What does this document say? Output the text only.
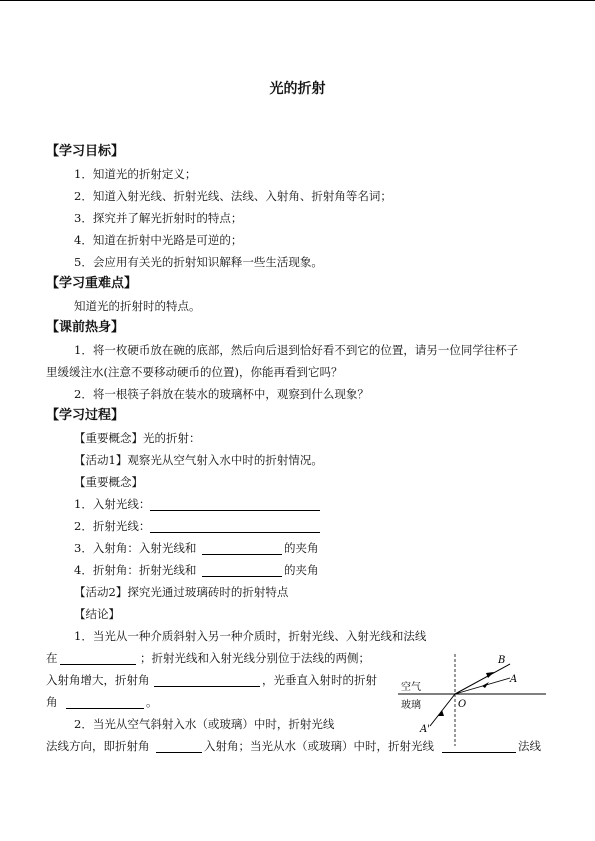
光的折射
【学习目标】
1．知道光的折射定义；
2．知道入射光线、折射光线、法线、入射角、折射角等名词；
3．探究并了解光折射时的特点；
4．知道在折射中光路是可逆的；
5．会应用有关光的折射知识解释一些生活现象。
【学习重难点】
知道光的折射时的特点。
【课前热身】
1．将一枚硬币放在碗的底部，然后向后退到恰好看不到它的位置，请另一位同学往杯子
里缓缓注水(注意不要移动硬币的位置)，你能再看到它吗？
2．将一根筷子斜放在装水的玻璃杯中，观察到什么现象？
【学习过程】
【重要概念】光的折射：
【活动1】观察光从空气射入水中时的折射情况。
【重要概念】
1．入射光线：
2．折射光线：
3．入射角：入射光线和	的夹角
4．折射角：折射光线和	的夹角
【活动2】探究光通过玻璃砖时的折射特点
【结论】
1．当光从一种介质斜射入另一种介质时，折射光线、入射光线和法线
在	；折射光线和入射光线分别位于法线的两侧；
入射角增大，折射角	，光垂直入射时的折射
角	。
2．当光从空气斜射入水（或玻璃）中时，折射光线
法线方向，即折射角	入射角；当光从水（或玻璃）中时，折射光线	法线
空气
玻璃	O
A
B
A'
